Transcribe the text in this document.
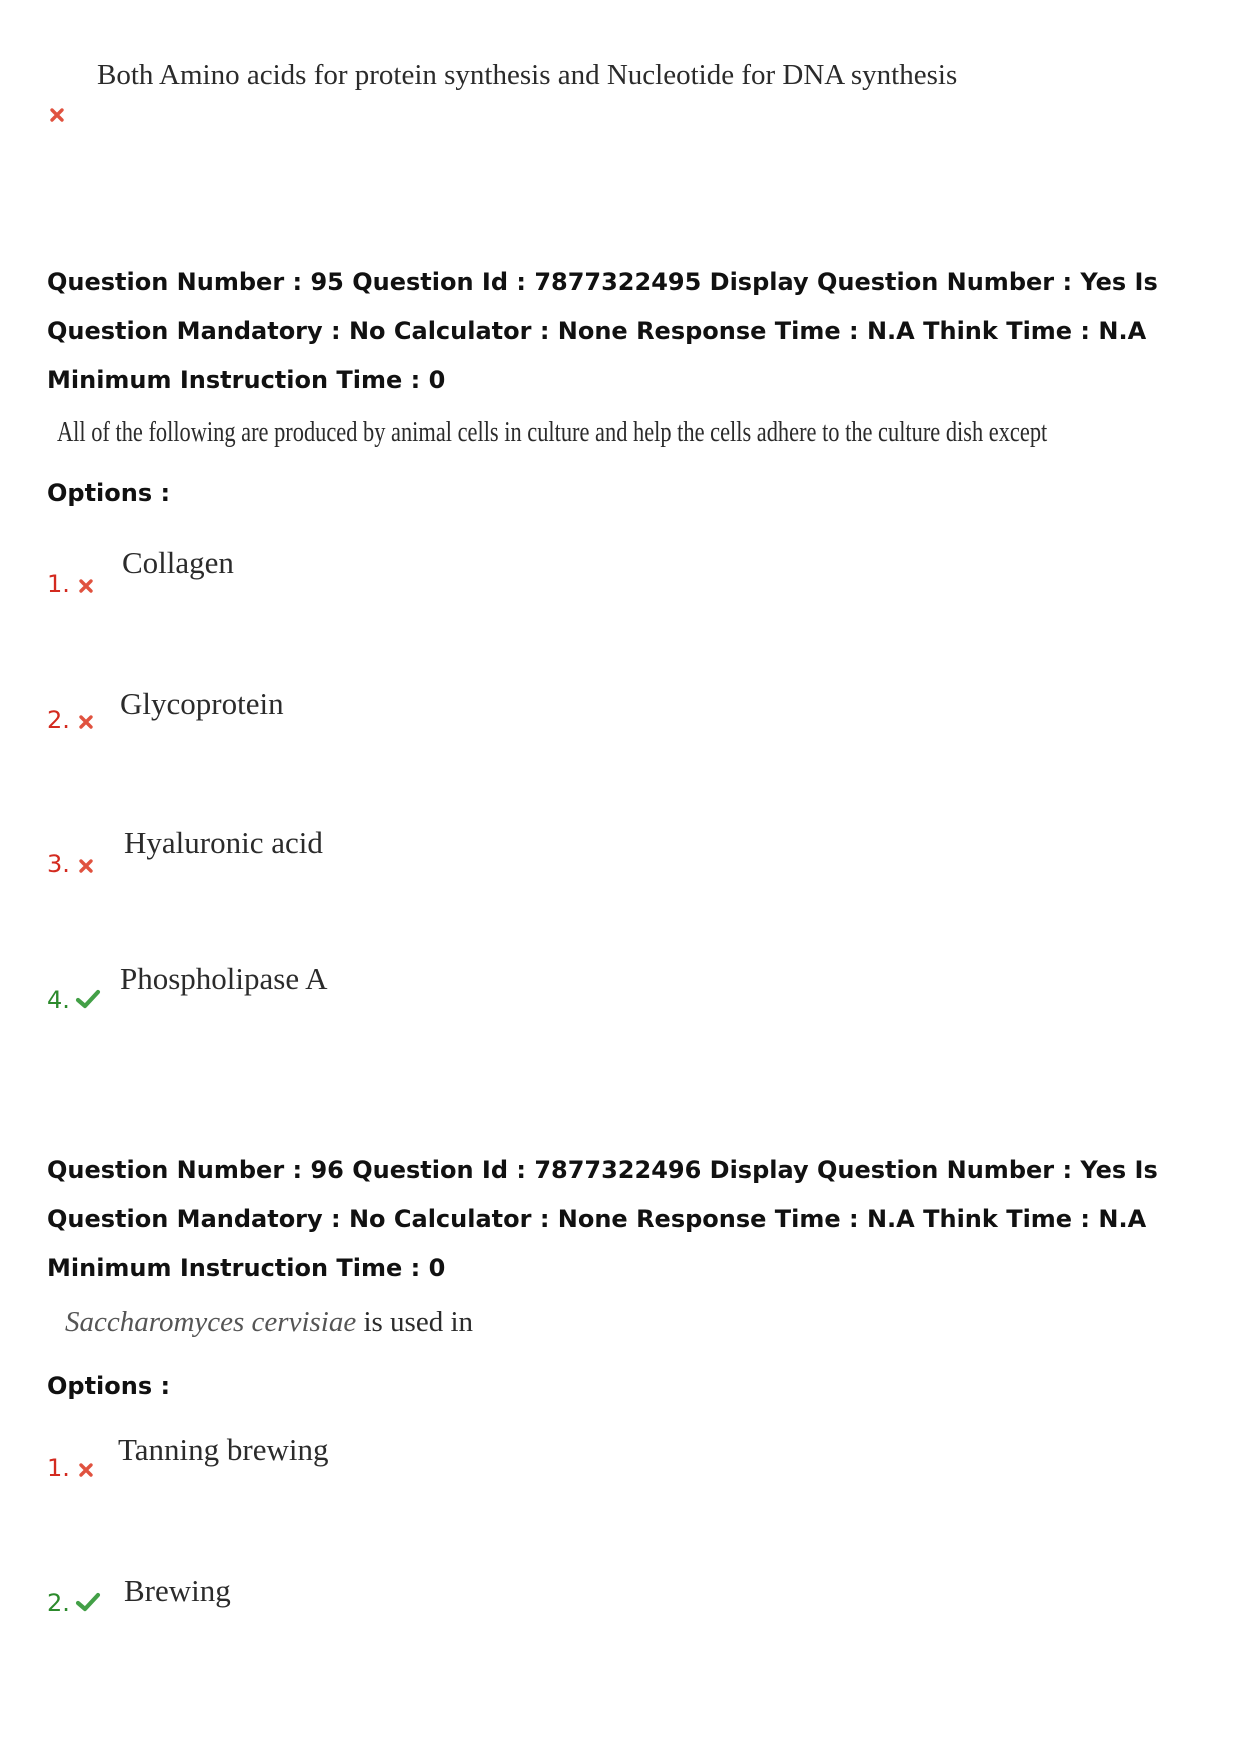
Both Amino acids for protein synthesis and Nucleotide for DNA synthesis
Question Number : 95 Question Id : 7877322495 Display Question Number : Yes Is Question Mandatory : No Calculator : None Response Time : N.A Think Time : N.A Minimum Instruction Time : 0
All of the following are produced by animal cells in culture and help the cells adhere to the culture dish except
Options :
1.
Collagen
2. Glycoprotein
3.
Hyaluronic acid
4.
Phospholipase A
Question Number : 96 Question Id : 7877322496 Display Question Number : Yes Is Question Mandatory : No Calculator : None Response Time : N.A Think Time : N.A Minimum Instruction Time : 0
Saccharomyces cervisiae is used in
Options :
1.
Tanning brewing
2. Brewing
